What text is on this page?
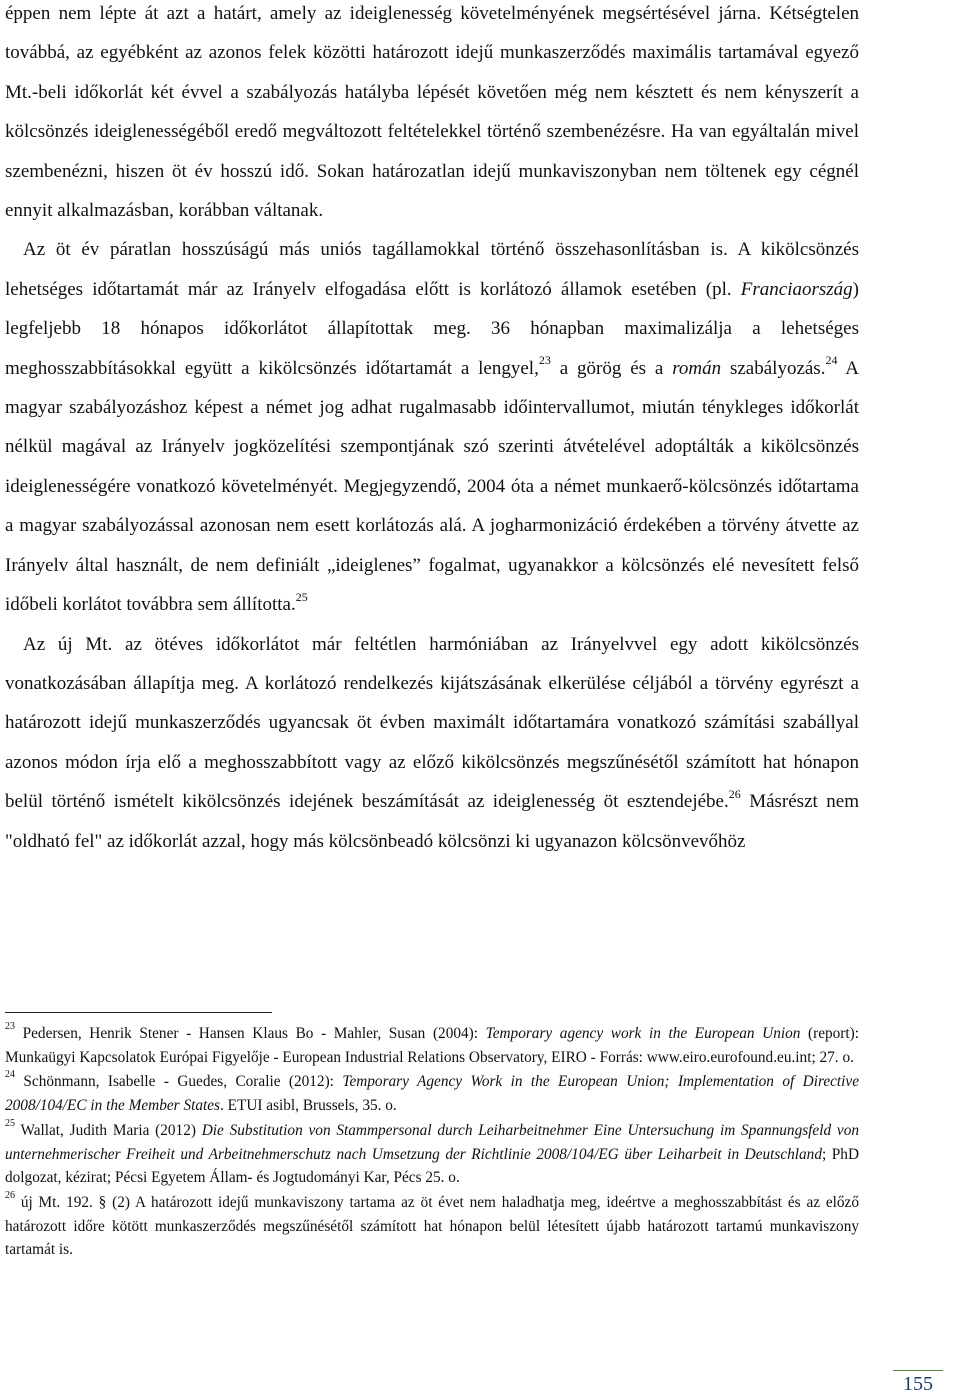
éppen nem lépte át azt a határt, amely az ideiglenesség követelményének megsértésével járna. Kétségtelen továbbá, az egyébként az azonos felek közötti határozott idejű munkaszerződés maximális tartamával egyező Mt.-beli időkorlát két évvel a szabályozás hatályba lépését követően még nem késztett és nem kényszerít a kölcsönzés ideiglenességéből eredő megváltozott feltételekkel történő szembenézésre. Ha van egyáltalán mivel szembenézni, hiszen öt év hosszú idő. Sokan határozatlan idejű munkaviszonyban nem töltenek egy cégnél ennyit alkalmazásban, korábban váltanak.

Az öt év páratlan hosszúságú más uniós tagállamokkal történő összehasonlításban is. A kikölcsönzés lehetséges időtartamát már az Irányelv elfogadása előtt is korlátozó államok esetében (pl. Franciaország) legfeljebb 18 hónapos időkorlátot állapítottak meg. 36 hónapban maximalizálja a lehetséges meghosszabbításokkal együtt a kikölcsönzés időtartamát a lengyel,$^{23}$ a görög és a román szabályozás.$^{24}$ A magyar szabályozáshoz képest a német jog adhat rugalmasabb időintervallumot, miután ténykleges időkorlát nélkül magával az Irányelv jogközelítési szempontjának szó szerinti átvételével adoptálták a kikölcsönzés ideiglenességére vonatkozó követelményét. Megjegyzendő, 2004 óta a német munkaerő-kölcsönzés időtartama a magyar szabályozással azonosan nem esett korlátozás alá. A jogharmonizáció érdekében a törvény átvette az Irányelv által használt, de nem definiált „ideiglenes” fogalmat, ugyanakkor a kölcsönzés elé nevesített felső időbeli korlátot továbbra sem állította.$^{25}$

Az új Mt. az ötéves időkorlátot már feltétlen harmóniában az Irányelvvel egy adott kikölcsönzés vonatkozásában állapítja meg. A korlátozó rendelkezés kijátszásának elkerülése céljából a törvény egyrészt a határozott idejű munkaszerződés ugyancsak öt évben maximált időtartamára vonatkozó számítási szabállyal azonos módon írja elő a meghosszabbított vagy az előző kikölcsönzés megszűnésétől számított hat hónapon belül történő ismételt kikölcsönzés idejének beszámítását az ideiglenesség öt esztendejébe.$^{26}$ Másrészt nem "oldható fel" az időkorlát azzal, hogy más kölcsönbeadó kölcsönzi ki ugyanazon kölcsönvevőhöz

$^{23}$ Pedersen, Henrik Stener - Hansen Klaus Bo - Mahler, Susan (2004): Temporary agency work in the European Union (report): Munkaügyi Kapcsolatok Európai Figyelője - European Industrial Relations Observatory, EIRO - Forrás: www.eiro.eurofound.eu.int; 27. o.

$^{24}$ Schönmann, Isabelle - Guedes, Coralie (2012): Temporary Agency Work in the European Union; Implementation of Directive 2008/104/EC in the Member States. ETUI asibl, Brussels, 35. o.

$^{25}$ Wallat, Judith Maria (2012) Die Substitution von Stammpersonal durch Leiharbeitnehmer Eine Untersuchung im Spannungsfeld von unternehmerischer Freiheit und Arbeitnehmerschutz nach Umsetzung der Richtlinie 2008/104/EG über Leiharbeit in Deutschland; PhD dolgozat, kézirat; Pécsi Egyetem Állam- és Jogtudományi Kar, Pécs 25. o.

$^{26}$ új Mt. 192. § (2) A határozott idejű munkaviszony tartama az öt évet nem haladhatja meg, ideértve a meghosszabbítást és az előző határozott időre kötött munkaszerződés megszűnésétől számított hat hónapon belül létesített újabb határozott tartamú munkaviszony tartamát is.

155
